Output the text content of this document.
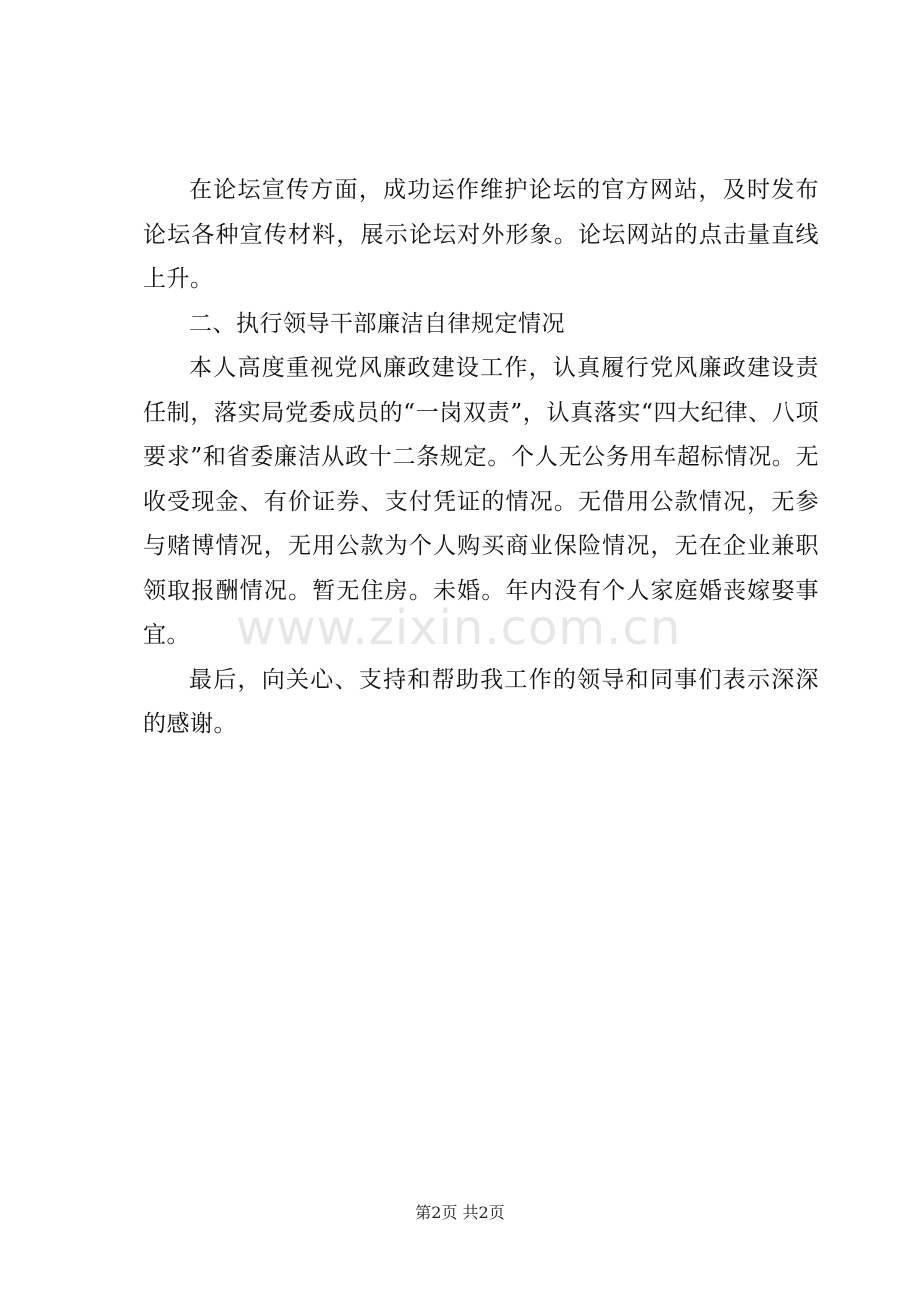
在论坛宣传方面，成功运作维护论坛的官方网站，及时发布论坛各种宣传材料，展示论坛对外形象。论坛网站的点击量直线上升。

二、执行领导干部廉洁自律规定情况

本人高度重视党风廉政建设工作，认真履行党风廉政建设责任制，落实局党委成员的“一岗双责”，认真落实“四大纪律、八项要求”和省委廉洁从政十二条规定。个人无公务用车超标情况。无收受现金、有价证券、支付凭证的情况。无借用公款情况，无参与赌博情况，无用公款为个人购买商业保险情况，无在企业兼职领取报酬情况。暂无住房。未婚。年内没有个人家庭婚丧嫁娶事宜。

最后，向关心、支持和帮助我工作的领导和同事们表示深深的感谢。

www.zixin.com.cn
第2页 共2页
